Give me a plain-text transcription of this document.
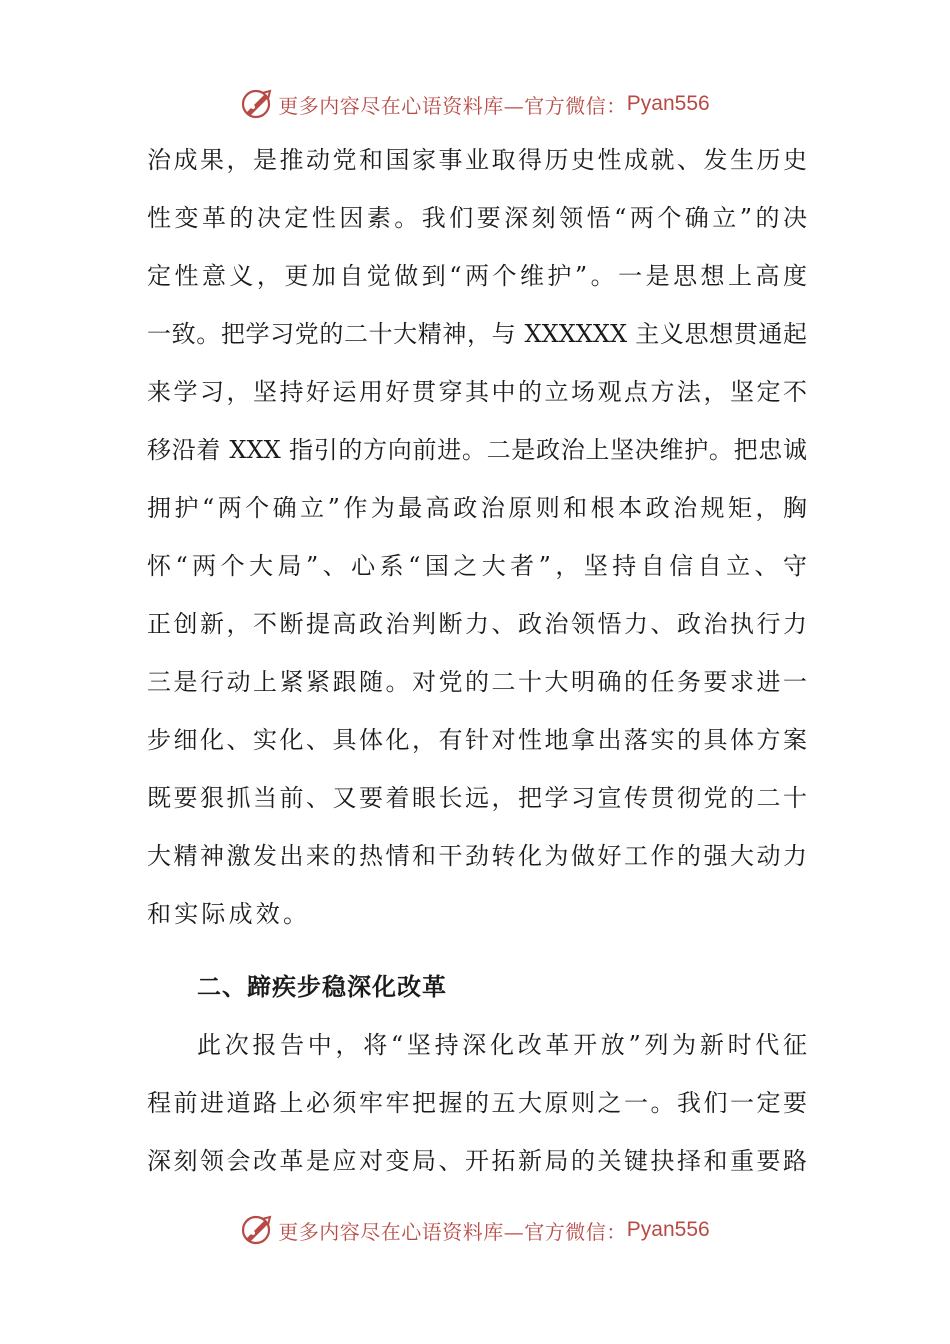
更多内容尽在心语资料库—官方微信： Pyan556
治成果，是推动党和国家事业取得历史性成就、发生历史
性变革的决定性因素。我们要深刻领悟“两个确立”的决
定性意义，更加自觉做到“两个维护”。一是思想上高度
一致。把学习党的二十大精神，与 XXXXXX 主义思想贯通起
来学习，坚持好运用好贯穿其中的立场观点方法，坚定不
移沿着 XXX 指引的方向前进。二是政治上坚决维护。把忠诚
拥护“两个确立”作为最高政治原则和根本政治规矩，胸
怀“两个大局”、心系“国之大者”，坚持自信自立、守
正创新，不断提高政治判断力、政治领悟力、政治执行力
三是行动上紧紧跟随。对党的二十大明确的任务要求进一
步细化、实化、具体化，有针对性地拿出落实的具体方案
既要狠抓当前、又要着眼长远，把学习宣传贯彻党的二十
大精神激发出来的热情和干劲转化为做好工作的强大动力
和实际成效。
二、蹄疾步稳深化改革
此次报告中，将“坚持深化改革开放”列为新时代征
程前进道路上必须牢牢把握的五大原则之一。我们一定要
深刻领会改革是应对变局、开拓新局的关键抉择和重要路
更多内容尽在心语资料库—官方微信： Pyan556
